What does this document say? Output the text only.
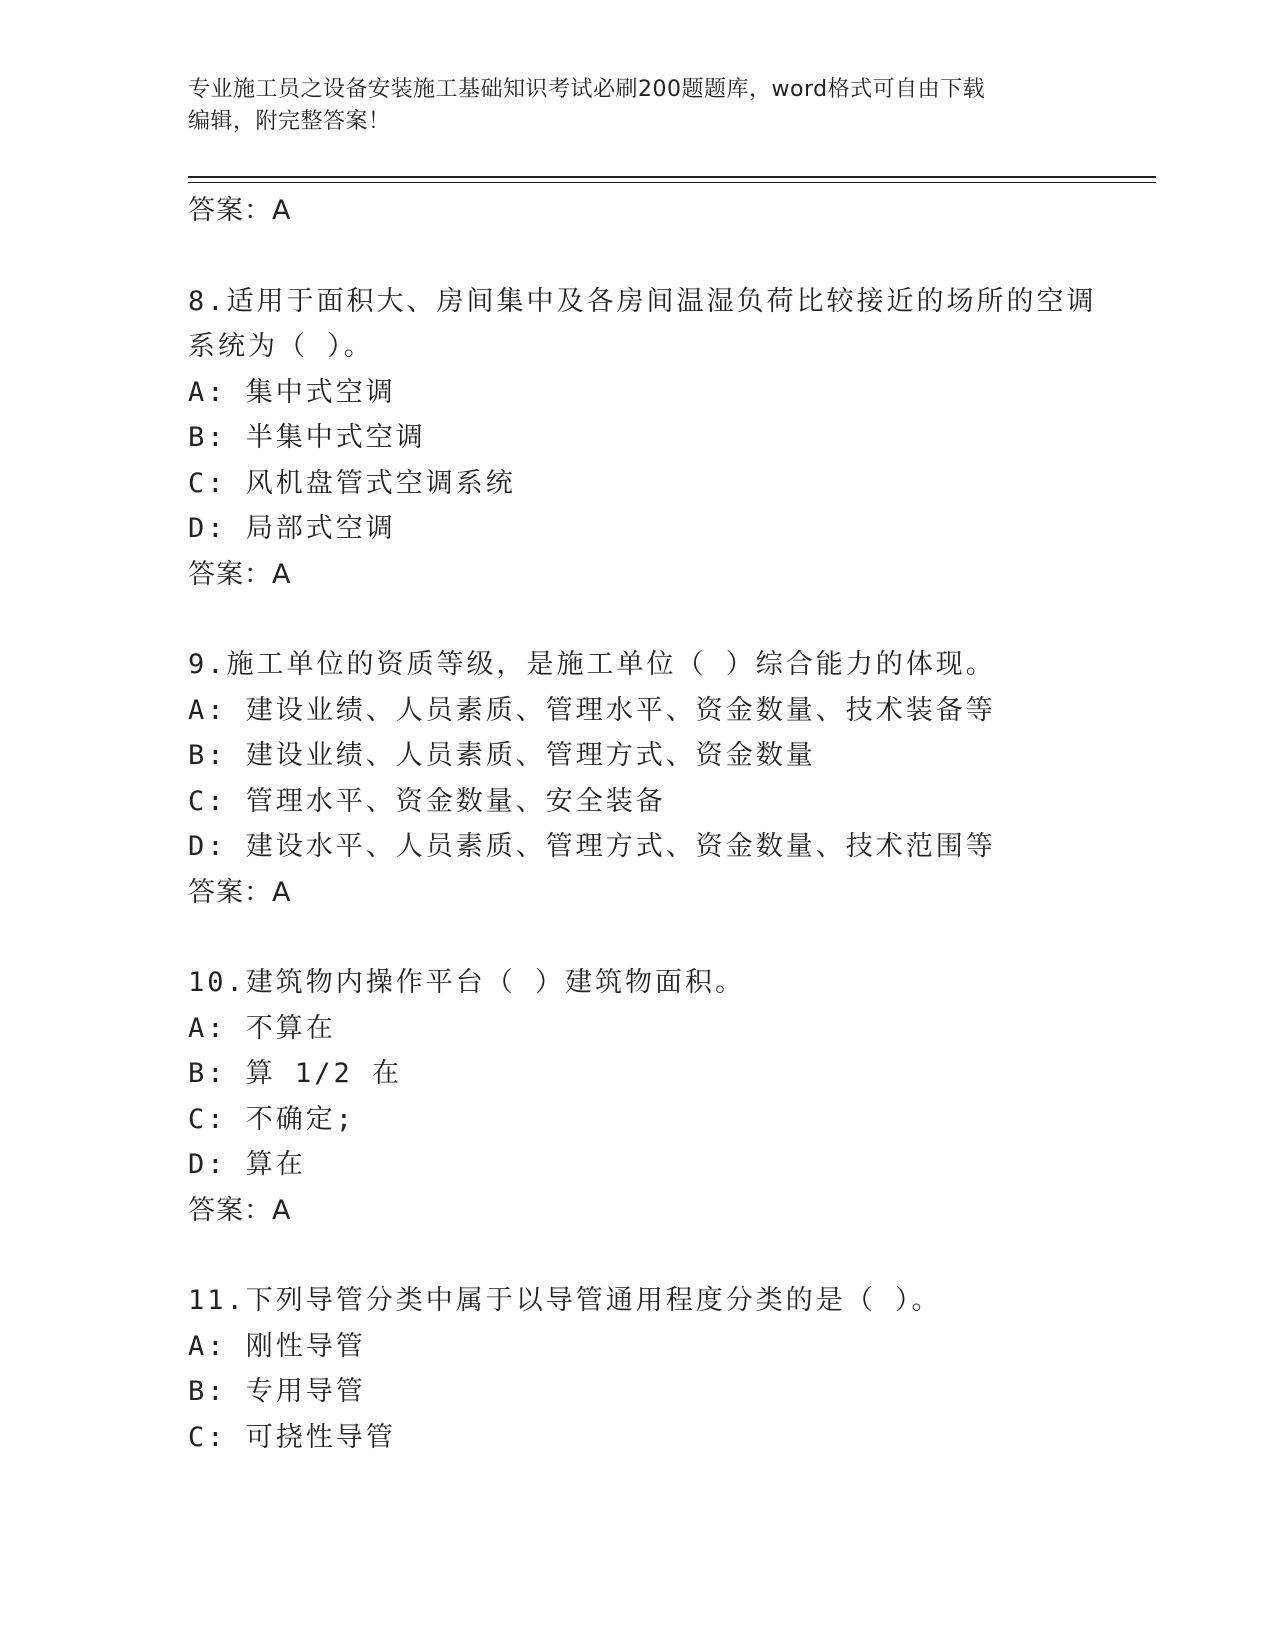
专业施工员之设备安装施工基础知识考试必刷200题题库，word格式可自由下载
编辑，附完整答案！
答案：A
8.适用于面积大、房间集中及各房间温湿负荷比较接近的场所的空调
系统为（ ）。
A: 集中式空调
B: 半集中式空调
C: 风机盘管式空调系统
D: 局部式空调
答案：A
9.施工单位的资质等级，是施工单位（ ）综合能力的体现。
A: 建设业绩、人员素质、管理水平、资金数量、技术装备等
B: 建设业绩、人员素质、管理方式、资金数量
C: 管理水平、资金数量、安全装备
D: 建设水平、人员素质、管理方式、资金数量、技术范围等
答案：A
10.建筑物内操作平台（ ）建筑物面积。
A: 不算在
B: 算 1/2 在
C: 不确定;
D: 算在
答案：A
11.下列导管分类中属于以导管通用程度分类的是（ ）。
A: 刚性导管
B: 专用导管
C: 可挠性导管
